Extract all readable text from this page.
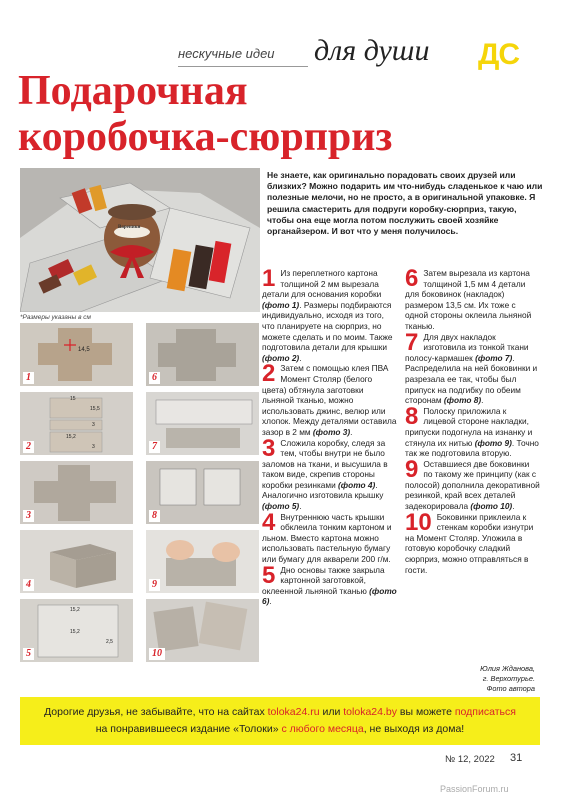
нескучные идеи для души ДС
Подарочная
коробочка-сюрприз
Вареники

Не знаете, как оригинально порадовать своих друзей или близких? Можно подарить им что-нибудь сладенькое к чаю или полезные мелочи, но не просто, а в оригинальной упаковке. Я решила смастерить для подруги коробку-сюрприз, такую, чтобы она еще могла потом послужить своей хозяйке органайзером. И вот что у меня получилось.

*Размеры указаны в см
14,5
1	6
15
15,5
3
15,2
3
2	7
3	8
4	9
15,2
15,2
2,5
5	10
1 Из переплетного картона толщиной 2 мм вырезала детали для основания коробки (фото 1). Размеры подбираются индивидуально, исходя из того, что планируете на сюрприз, но можете сделать и по моим. Также подготовила детали для крышки (фото 2).
2 Затем с помощью клея ПВА Момент Столяр (белого цвета) обтянула заготовки льняной тканью, можно использовать джинс, велюр или хлопок. Между деталями оставила зазор в 2 мм (фото 3).
3 Сложила коробку, следя за тем, чтобы внутри не было заломов на ткани, и высушила в таком виде, скрепив стороны коробки резинками (фото 4). Аналогично изготовила крышку (фото 5).
4 Внутреннюю часть крышки обклеила тонким картоном и льном. Вместо картона можно использовать пастельную бумагу или бумагу для акварели 200 г/м.
5 Дно основы также закрыла картонной заготовкой, оклеенной льняной тканью (фото 6).
6 Затем вырезала из картона толщиной 1,5 мм 4 детали для боковинок (накладок) размером 13,5 см. Их тоже с одной стороны оклеила льняной тканью.
7 Для двух накладок изготовила из тонкой ткани полосу-кармашек (фото 7). Распределила на ней боковинки и разрезала ее так, чтобы был припуск на подгибку по обеим сторонам (фото 8).
8 Полоску приложила к лицевой стороне накладки, припуски подогнула на изнанку и стянула их нитью (фото 9). Точно так же подготовила вторую.
9 Оставшиеся две боковинки по такому же принципу (как с полосой) дополнила декоративной резинкой, край всех деталей задекорировала (фото 10).
10 Боковинки приклеила к стенкам коробки изнутри на Момент Столяр. Уложила в готовую коробочку сладкий сюрприз, можно отправляться в гости.
Юлия Жданова,
г. Верхотурье.
Фото автора
Дорогие друзья, не забывайте, что на сайтах toloka24.ru или toloka24.by вы можете подписаться
на понравившееся издание «Толоки» с любого месяца, не выходя из дома!
№ 12, 2022 31
PassionForum.ru
